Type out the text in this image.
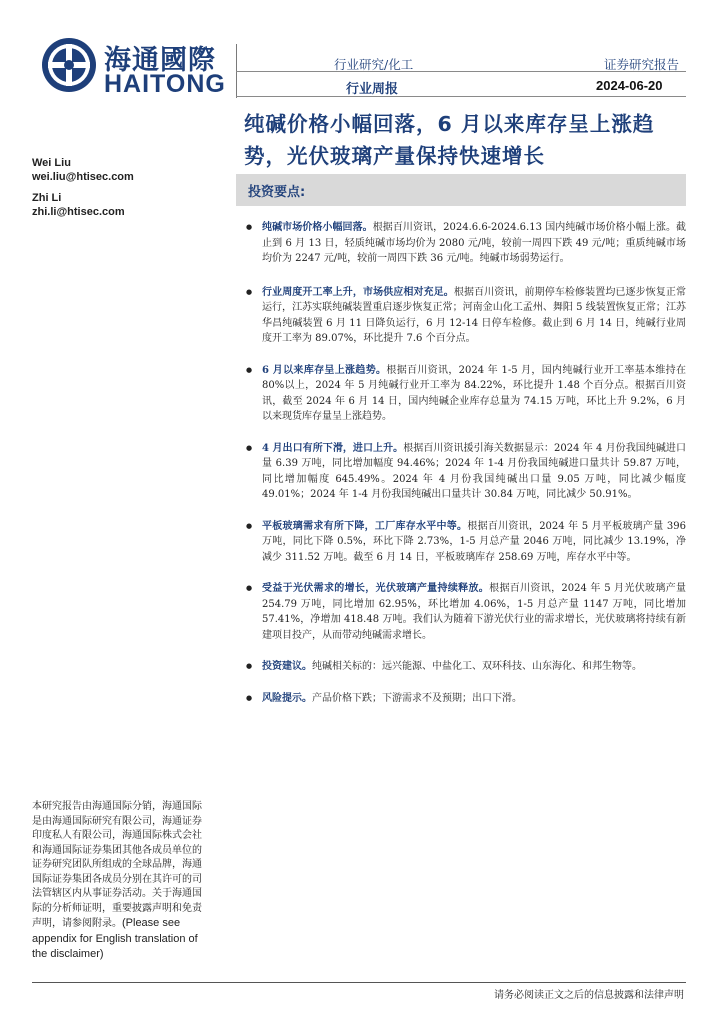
海通國際
HAITONG
行业研究/化工
行业周报
证券研究报告
2024-06-20
纯碱价格小幅回落，6 月以来库存呈上涨趋势，光伏玻璃产量保持快速增长
Wei Liu
wei.liu@htisec.com
Zhi Li
zhi.li@htisec.com
投资要点:
● 纯碱市场价格小幅回落。根据百川资讯，2024.6.6-2024.6.13 国内纯碱市场价格小幅上涨。截止到 6 月 13 日，轻质纯碱市场均价为 2080 元/吨，较前一周四下跌 49 元/吨；重质纯碱市场均价为 2247 元/吨，较前一周四下跌 36 元/吨。纯碱市场弱势运行。
● 行业周度开工率上升，市场供应相对充足。根据百川资讯，前期停车检修装置均已逐步恢复正常运行，江苏实联纯碱装置重启逐步恢复正常；河南金山化工孟州、舞阳 5 线装置恢复正常；江苏华昌纯碱装置 6 月 11 日降负运行，6 月 12-14 日停车检修。截止到 6 月 14 日，纯碱行业周度开工率为 89.07%，环比提升 7.6 个百分点。
● 6 月以来库存呈上涨趋势。根据百川资讯，2024 年 1-5 月，国内纯碱行业开工率基本维持在 80%以上，2024 年 5 月纯碱行业开工率为 84.22%，环比提升 1.48 个百分点。根据百川资讯，截至 2024 年 6 月 14 日，国内纯碱企业库存总量为 74.15 万吨，环比上升 9.2%，6 月以来现货库存量呈上涨趋势。
● 4 月出口有所下滑，进口上升。根据百川资讯援引海关数据显示：2024 年 4 月份我国纯碱进口量 6.39 万吨，同比增加幅度 94.46%；2024 年 1-4 月份我国纯碱进口量共计 59.87 万吨，同比增加幅度 645.49%。2024 年 4 月份我国纯碱出口量 9.05 万吨，同比减少幅度 49.01%；2024 年 1-4 月份我国纯碱出口量共计 30.84 万吨，同比减少 50.91%。
● 平板玻璃需求有所下降，工厂库存水平中等。根据百川资讯，2024 年 5 月平板玻璃产量 396 万吨，同比下降 0.5%，环比下降 2.73%，1-5 月总产量 2046 万吨，同比减少 13.19%，净减少 311.52 万吨。截至 6 月 14 日，平板玻璃库存 258.69 万吨，库存水平中等。
● 受益于光伏需求的增长，光伏玻璃产量持续释放。根据百川资讯，2024 年 5 月光伏玻璃产量 254.79 万吨，同比增加 62.95%，环比增加 4.06%，1-5 月总产量 1147 万吨，同比增加 57.41%，净增加 418.48 万吨。我们认为随着下游光伏行业的需求增长，光伏玻璃将持续有新建项目投产，从而带动纯碱需求增长。
● 投资建议。纯碱相关标的：远兴能源、中盐化工、双环科技、山东海化、和邦生物等。
● 风险提示。产品价格下跌；下游需求不及预期；出口下滑。
本研究报告由海通国际分销，海通国际是由海通国际研究有限公司，海通证券印度私人有限公司，海通国际株式会社和海通国际证券集团其他各成员单位的证券研究团队所组成的全球品牌，海通国际证券集团各成员分别在其许可的司法管辖区内从事证券活动。关于海通国际的分析师证明，重要披露声明和免责声明，请参阅附录。(Please see appendix for English translation of the disclaimer)
请务必阅读正文之后的信息披露和法律声明
